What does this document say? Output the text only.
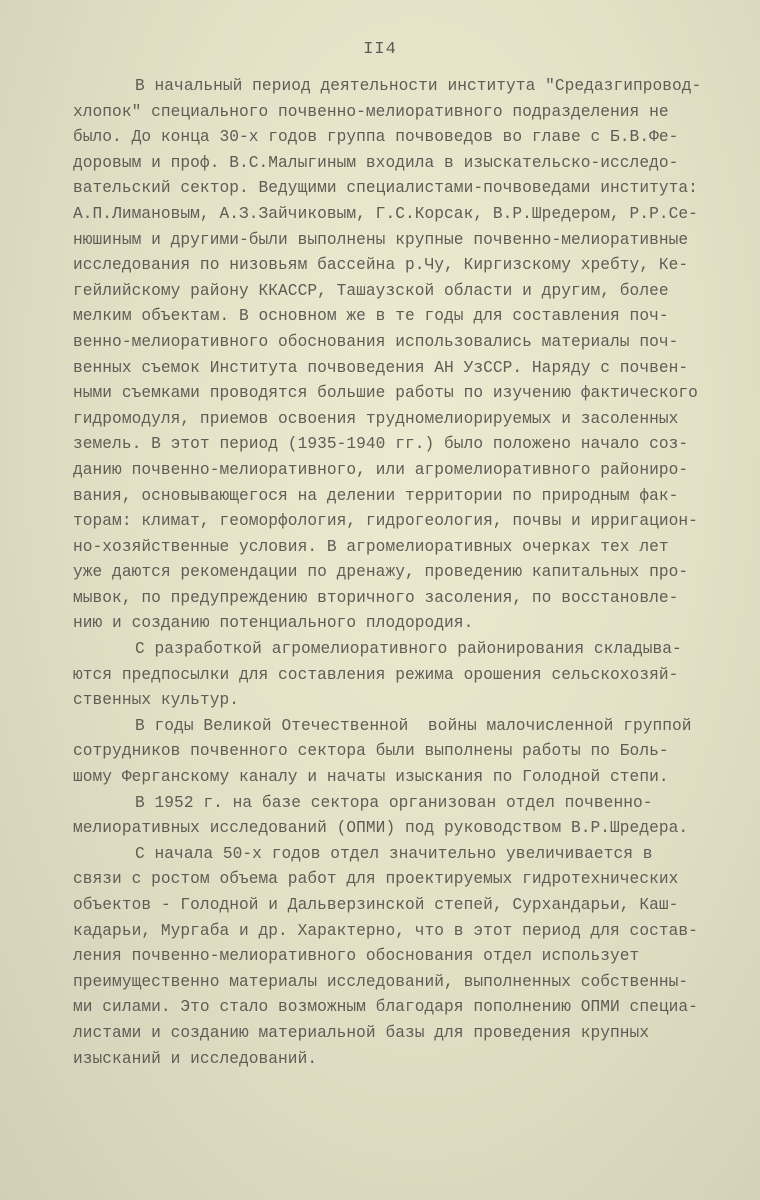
II4
В начальный период деятельности института "Средазгипровод-
хлопок" специального почвенно-мелиоративного подразделения не
было. До конца 30-х годов группа почвоведов во главе с Б.В.Фе-
доровым и проф. В.С.Малыгиным входила в изыскательско-исследо-
вательский сектор. Ведущими специалистами-почвоведами института:
А.П.Лимановым, А.З.Зайчиковым, Г.С.Корсак, В.Р.Шредером, Р.Р.Се-
нюшиным и другими-были выполнены крупные почвенно-мелиоративные
исследования по низовьям бассейна р.Чу, Киргизскому хребту, Ке-
гейлийскому району ККАССР, Ташаузской области и другим, более
мелким объектам. В основном же в те годы для составления поч-
венно-мелиоративного обоснования использовались материалы поч-
венных съемок Института почвоведения АН УзССР. Наряду с почвен-
ными съемками проводятся большие работы по изучению фактического
гидромодуля, приемов освоения трудномелиорируемых и засоленных
земель. В этот период (1935-1940 гг.) было положено начало соз-
данию почвенно-мелиоративного, или агромелиоративного райониро-
вания, основывающегося на делении территории по природным фак-
торам: климат, геоморфология, гидрогеология, почвы и ирригацион-
но-хозяйственные условия. В агромелиоративных очерках тех лет
уже даются рекомендации по дренажу, проведению капитальных про-
мывок, по предупреждению вторичного засоления, по восстановле-
нию и созданию потенциального плодородия.
С разработкой агромелиоративного районирования складыва-
ются предпосылки для составления режима орошения сельскохозяй-
ственных культур.
В годы Великой Отечественной  войны малочисленной группой
сотрудников почвенного сектора были выполнены работы по Боль-
шому Ферганскому каналу и начаты изыскания по Голодной степи.
В 1952 г. на базе сектора организован отдел почвенно-
мелиоративных исследований (ОПМИ) под руководством В.Р.Шредера.
С начала 50-х годов отдел значительно увеличивается в
связи с ростом объема работ для проектируемых гидротехнических
объектов - Голодной и Дальверзинской степей, Сурхандарьи, Каш-
кадарьи, Мургаба и др. Характерно, что в этот период для состав-
ления почвенно-мелиоративного обоснования отдел использует
преимущественно материалы исследований, выполненных собственны-
ми силами. Это стало возможным благодаря пополнению ОПМИ специа-
листами и созданию материальной базы для проведения крупных
изысканий и исследований.
